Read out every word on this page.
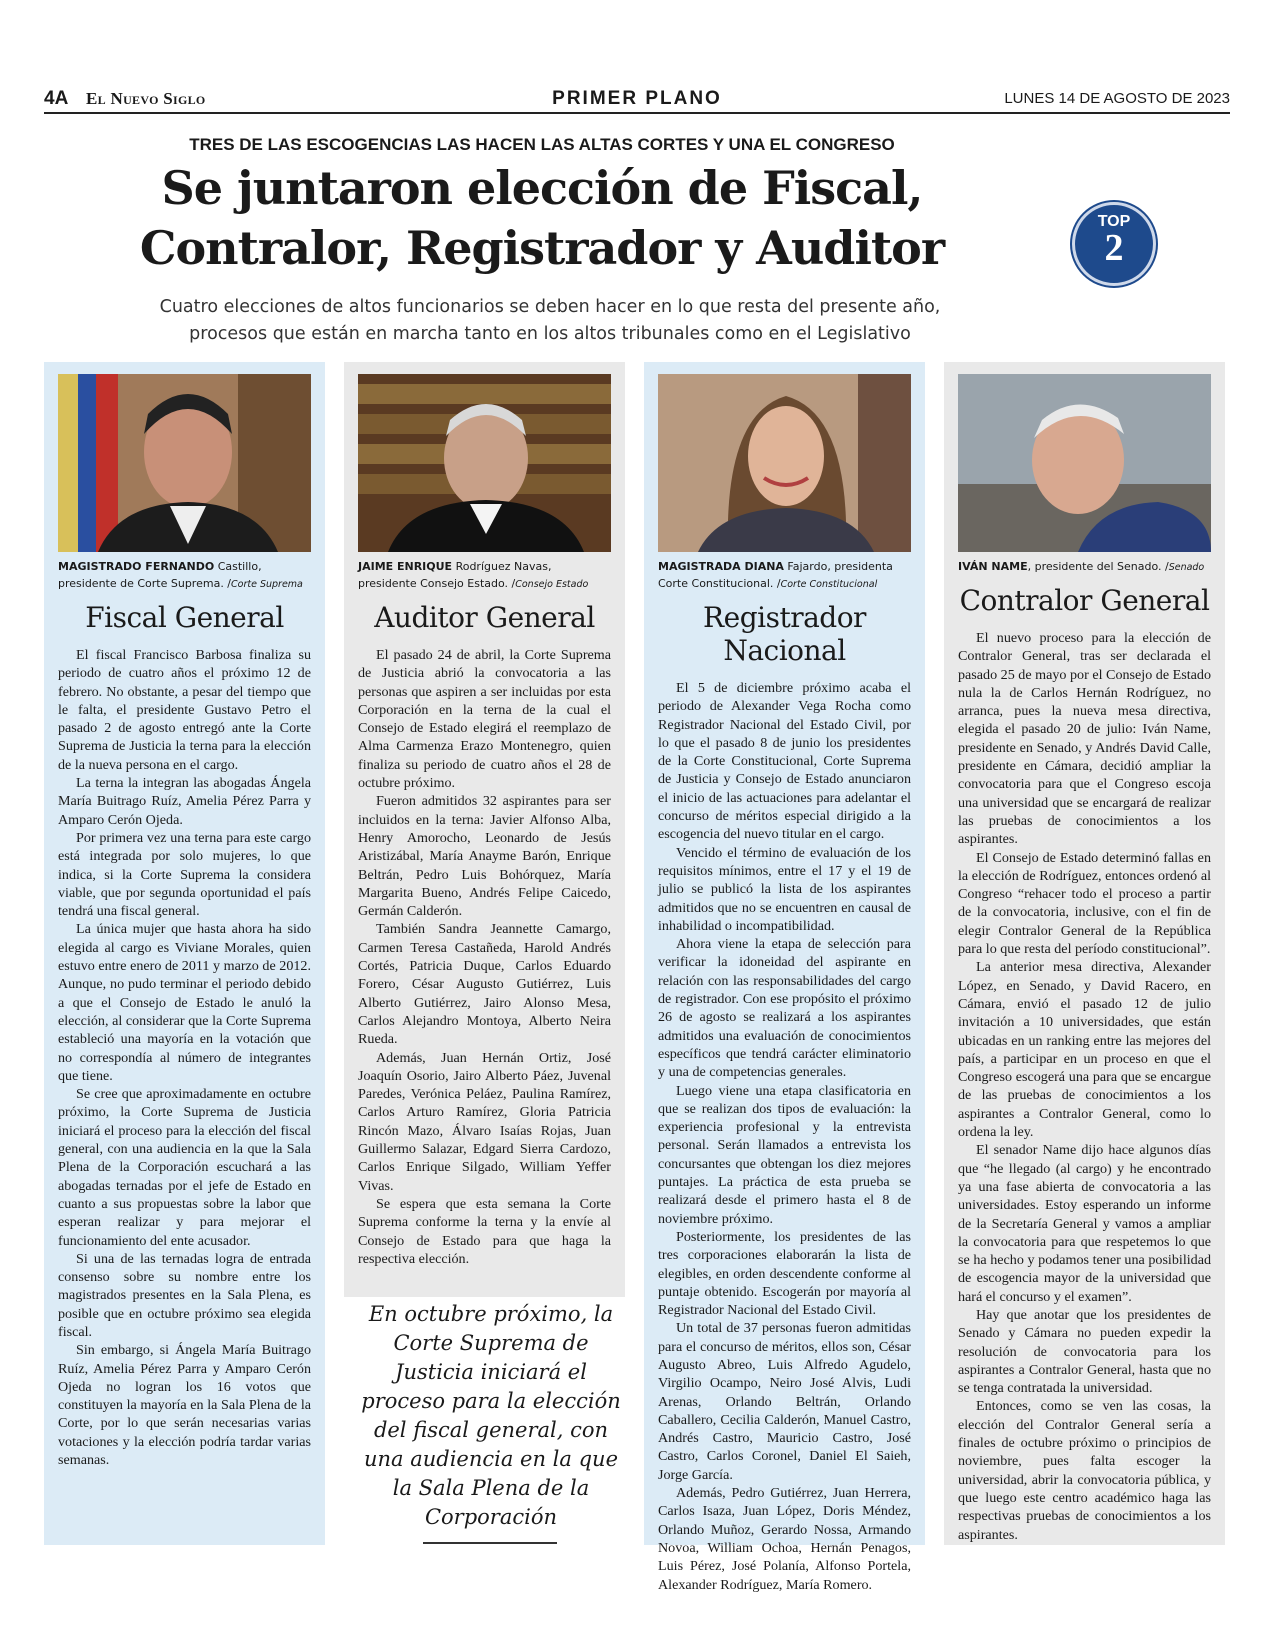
4A El Nuevo Siglo	PRIMER PLANO	LUNES 14 DE AGOSTO DE 2023
TRES DE LAS ESCOGENCIAS LAS HACEN LAS ALTAS CORTES Y UNA EL CONGRESO
Se juntaron elección de Fiscal,
Contralor, Registrador y Auditor	TOP
2
Cuatro elecciones de altos funcionarios se deben hacer en lo que resta del presente año,
procesos que están en marcha tanto en los altos tribunales como en el Legislativo
MAGISTRADO FERNANDO Castillo, presidente de Corte Suprema. /Corte Suprema
Fiscal General

El fiscal Francisco Barbosa finaliza su periodo de cuatro años el próximo 12 de febrero. No obstante, a pesar del tiempo que le falta, el presidente Gustavo Petro el pasado 2 de agosto entregó ante la Corte Suprema de Justicia la terna para la elección de la nueva persona en el cargo.

La terna la integran las abogadas Ángela María Buitrago Ruíz, Amelia Pérez Parra y Amparo Cerón Ojeda.

Por primera vez una terna para este cargo está integrada por solo mujeres, lo que indica, si la Corte Suprema la considera viable, que por segunda oportunidad el país tendrá una fiscal general.

La única mujer que hasta ahora ha sido elegida al cargo es Viviane Morales, quien estuvo entre enero de 2011 y marzo de 2012. Aunque, no pudo terminar el periodo debido a que el Consejo de Estado le anuló la elección, al considerar que la Corte Suprema estableció una mayoría en la votación que no correspondía al número de integrantes que tiene.

Se cree que aproximadamente en octubre próximo, la Corte Suprema de Justicia iniciará el proceso para la elección del fiscal general, con una audiencia en la que la Sala Plena de la Corporación escuchará a las abogadas ternadas por el jefe de Estado en cuanto a sus propuestas sobre la labor que esperan realizar y para mejorar el funcionamiento del ente acusador.

Si una de las ternadas logra de entrada consenso sobre su nombre entre los magistrados presentes en la Sala Plena, es posible que en octubre próximo sea elegida fiscal.

Sin embargo, si Ángela María Buitrago Ruíz, Amelia Pérez Parra y Amparo Cerón Ojeda no logran los 16 votos que constituyen la mayoría en la Sala Plena de la Corte, por lo que serán necesarias varias votaciones y la elección podría tardar varias semanas.

JAIME ENRIQUE Rodríguez Navas, presidente Consejo Estado. /Consejo Estado
Auditor General

El pasado 24 de abril, la Corte Suprema de Justicia abrió la convocatoria a las personas que aspiren a ser incluidas por esta Corporación en la terna de la cual el Consejo de Estado elegirá el reemplazo de Alma Carmenza Erazo Montenegro, quien finaliza su periodo de cuatro años el 28 de octubre próximo.

Fueron admitidos 32 aspirantes para ser incluidos en la terna: Javier Alfonso Alba, Henry Amorocho, Leonardo de Jesús Aristizábal, María Anayme Barón, Enrique Beltrán, Pedro Luis Bohórquez, María Margarita Bueno, Andrés Felipe Caicedo, Germán Calderón.

También Sandra Jeannette Camargo, Carmen Teresa Castañeda, Harold Andrés Cortés, Patricia Duque, Carlos Eduardo Forero, César Augusto Gutiérrez, Luis Alberto Gutiérrez, Jairo Alonso Mesa, Carlos Alejandro Montoya, Alberto Neira Rueda.

Además, Juan Hernán Ortiz, José Joaquín Osorio, Jairo Alberto Páez, Juvenal Paredes, Verónica Peláez, Paulina Ramírez, Carlos Arturo Ramírez, Gloria Patricia Rincón Mazo, Álvaro Isaías Rojas, Juan Guillermo Salazar, Edgard Sierra Cardozo, Carlos Enrique Silgado, William Yeffer Vivas.

Se espera que esta semana la Corte Suprema conforme la terna y la envíe al Consejo de Estado para que haga la respectiva elección.

En octubre próximo, la Corte Suprema de Justicia iniciará el proceso para la elección del fiscal general, con una audiencia en la que la Sala Plena de la Corporación
MAGISTRADA DIANA Fajardo, presidenta Corte Constitucional. /Corte Constitucional
Registrador Nacional

El 5 de diciembre próximo acaba el periodo de Alexander Vega Rocha como Registrador Nacional del Estado Civil, por lo que el pasado 8 de junio los presidentes de la Corte Constitucional, Corte Suprema de Justicia y Consejo de Estado anunciaron el inicio de las actuaciones para adelantar el concurso de méritos especial dirigido a la escogencia del nuevo titular en el cargo.

Vencido el término de evaluación de los requisitos mínimos, entre el 17 y el 19 de julio se publicó la lista de los aspirantes admitidos que no se encuentren en causal de inhabilidad o incompatibilidad.

Ahora viene la etapa de selección para verificar la idoneidad del aspirante en relación con las responsabilidades del cargo de registrador. Con ese propósito el próximo 26 de agosto se realizará a los aspirantes admitidos una evaluación de conocimientos específicos que tendrá carácter eliminatorio y una de competencias generales.

Luego viene una etapa clasificatoria en que se realizan dos tipos de evaluación: la experiencia profesional y la entrevista personal. Serán llamados a entrevista los concursantes que obtengan los diez mejores puntajes. La práctica de esta prueba se realizará desde el primero hasta el 8 de noviembre próximo.

Posteriormente, los presidentes de las tres corporaciones elaborarán la lista de elegibles, en orden descendente conforme al puntaje obtenido. Escogerán por mayoría al Registrador Nacional del Estado Civil.

Un total de 37 personas fueron admitidas para el concurso de méritos, ellos son, César Augusto Abreo, Luis Alfredo Agudelo, Virgilio Ocampo, Neiro José Alvis, Ludi Arenas, Orlando Beltrán, Orlando Caballero, Cecilia Calderón, Manuel Castro, Andrés Castro, Mauricio Castro, José Castro, Carlos Coronel, Daniel El Saieh, Jorge García.

Además, Pedro Gutiérrez, Juan Herrera, Carlos Isaza, Juan López, Doris Méndez, Orlando Muñoz, Gerardo Nossa, Armando Novoa, William Ochoa, Hernán Penagos, Luis Pérez, José Polanía, Alfonso Portela, Alexander Rodríguez, María Romero.

IVÁN NAME, presidente del Senado. /Senado
Contralor General

El nuevo proceso para la elección de Contralor General, tras ser declarada el pasado 25 de mayo por el Consejo de Estado nula la de Carlos Hernán Rodríguez, no arranca, pues la nueva mesa directiva, elegida el pasado 20 de julio: Iván Name, presidente en Senado, y Andrés David Calle, presidente en Cámara, decidió ampliar la convocatoria para que el Congreso escoja una universidad que se encargará de realizar las pruebas de conocimientos a los aspirantes.

El Consejo de Estado determinó fallas en la elección de Rodríguez, entonces ordenó al Congreso “rehacer todo el proceso a partir de la convocatoria, inclusive, con el fin de elegir Contralor General de la República para lo que resta del período constitucional”.

La anterior mesa directiva, Alexander López, en Senado, y David Racero, en Cámara, envió el pasado 12 de julio invitación a 10 universidades, que están ubicadas en un ranking entre las mejores del país, a participar en un proceso en que el Congreso escogerá una para que se encargue de las pruebas de conocimientos a los aspirantes a Contralor General, como lo ordena la ley.

El senador Name dijo hace algunos días que “he llegado (al cargo) y he encontrado ya una fase abierta de convocatoria a las universidades. Estoy esperando un informe de la Secretaría General y vamos a ampliar la convocatoria para que respetemos lo que se ha hecho y podamos tener una posibilidad de escogencia mayor de la universidad que hará el concurso y el examen”.

Hay que anotar que los presidentes de Senado y Cámara no pueden expedir la resolución de convocatoria para los aspirantes a Contralor General, hasta que no se tenga contratada la universidad.

Entonces, como se ven las cosas, la elección del Contralor General sería a finales de octubre próximo o principios de noviembre, pues falta escoger la universidad, abrir la convocatoria pública, y que luego este centro académico haga las respectivas pruebas de conocimientos a los aspirantes.
